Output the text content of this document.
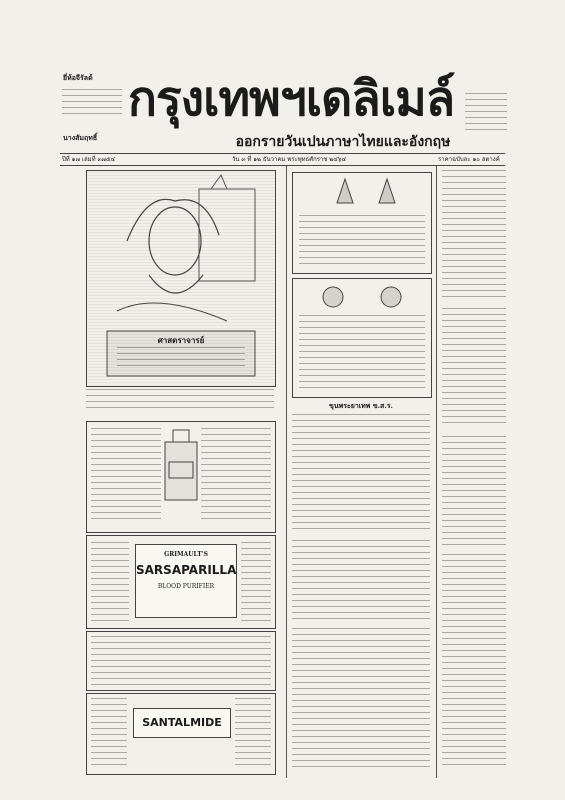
ยี่ห้อจีรัลด์
นางสัมฤทธิ์
กรุงเทพฯเดลิเมล์
ออกรายวันเปนภาษาไทยและอังกฤษ
ปีที่ ๑๗ เล่มที่ ๓๗๕๔	วัน ๓ ที่ ๑๒ ธันวาคม พระพุทธศักราช ๒๔๖๔	ราคาฉบับละ ๑๐ สตางค์
ศาสตราจารย์
GRIMAULT'S
SARSAPARILLA
BLOOD PURIFIER
SANTALMIDE
ขุนพระยาเทพ ข.ส.ร.
